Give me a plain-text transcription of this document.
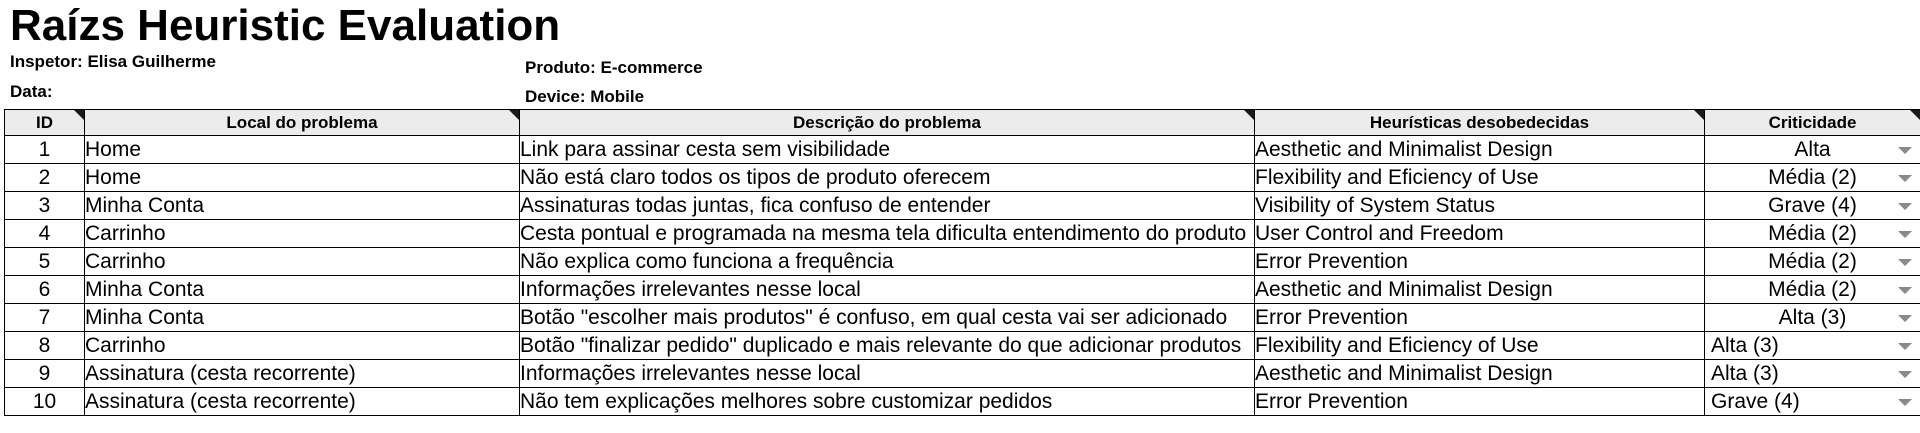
Raízs Heuristic Evaluation
Inspetor: Elisa Guilherme
Data:
Produto: E-commerce
Device: Mobile
ID	Local do problema	Descrição do problema	Heurísticas desobedecidas	Criticidade

1	Home	Link para assinar cesta sem visibilidade	Aesthetic and Minimalist Design	Alta

2	Home	Não está claro todos os tipos de produto oferecem	Flexibility and Eficiency of Use	Média (2)

3	Minha Conta	Assinaturas todas juntas, fica confuso de entender	Visibility of System Status	Grave (4)

4	Carrinho	Cesta pontual e programada na mesma tela dificulta entendimento do produto	User Control and Freedom	Média (2)

5	Carrinho	Não explica como funciona a frequência	Error Prevention	Média (2)

6	Minha Conta	Informações irrelevantes nesse local	Aesthetic and Minimalist Design	Média (2)

7	Minha Conta	Botão "escolher mais produtos" é confuso, em qual cesta vai ser adicionado	Error Prevention	Alta (3)

8	Carrinho	Botão "finalizar pedido" duplicado e mais relevante do que adicionar produtos	Flexibility and Eficiency of Use	Alta (3)

9	Assinatura (cesta recorrente)	Informações irrelevantes nesse local	Aesthetic and Minimalist Design	Alta (3)

10	Assinatura (cesta recorrente)	Não tem explicações melhores sobre customizar pedidos	Error Prevention	Grave (4)
